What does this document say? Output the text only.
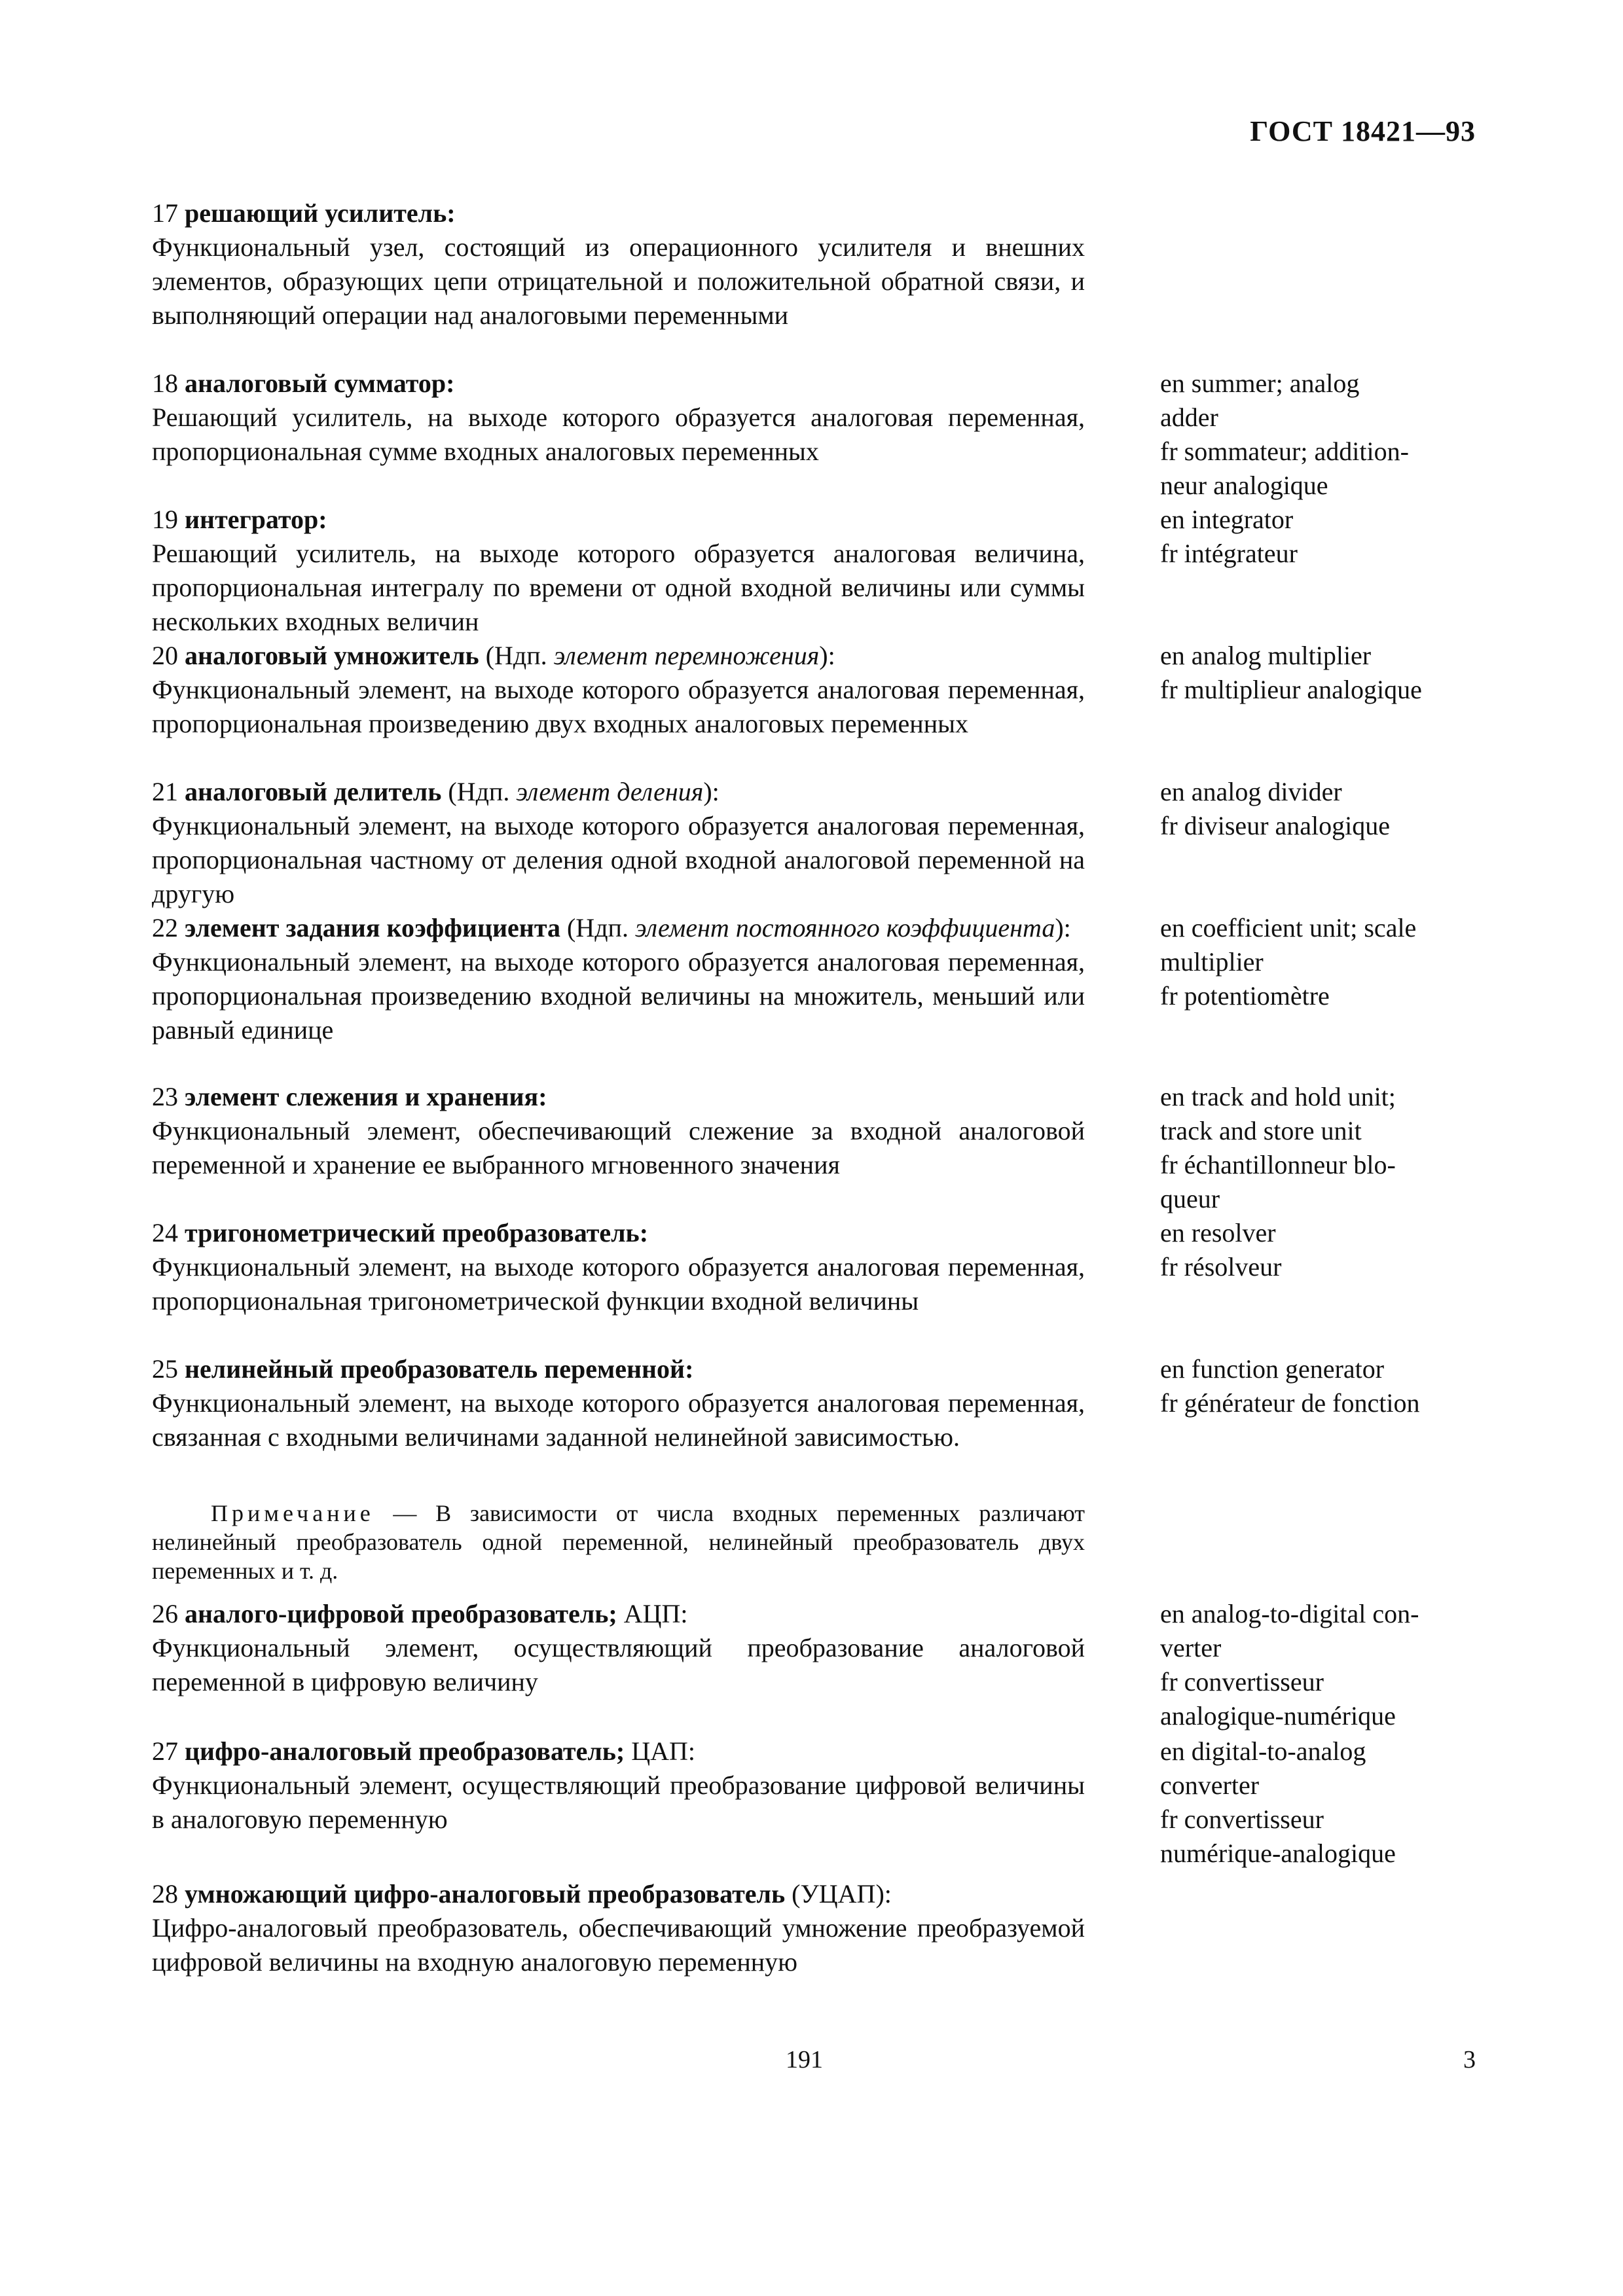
ГОСТ 18421—93
17 решающий усилитель:
Функциональный узел, состоящий из операционного усилителя и внешних элементов, образующих цепи отрицательной и положительной обратной связи, и выполняющий операции над аналоговыми переменными
18 аналоговый сумматор:
Решающий усилитель, на выходе которого образуется аналоговая переменная, пропорциональная сумме входных аналоговых переменных
en summer; analog
adder
fr sommateur; addition-
neur analogique
19 интегратор:
Решающий усилитель, на выходе которого образуется аналоговая величина, пропорциональная интегралу по времени от одной входной величины или суммы нескольких входных величин
en integrator
fr intégrateur
20 аналоговый умножитель (Ндп. элемент перемножения):
Функциональный элемент, на выходе которого образуется аналоговая переменная, пропорциональная произведению двух входных аналоговых переменных
en analog multiplier
fr multiplieur analogique
21 аналоговый делитель (Ндп. элемент деления):
Функциональный элемент, на выходе которого образуется аналоговая переменная, пропорциональная частному от деления одной входной аналоговой переменной на другую
en analog divider
fr diviseur analogique
22 элемент задания коэффициента (Ндп. элемент постоянного коэффициента):
Функциональный элемент, на выходе которого образуется аналоговая переменная, пропорциональная произведению входной величины на множитель, меньший или равный единице
en coefficient unit; scale
multiplier
fr potentiomètre
23 элемент слежения и хранения:
Функциональный элемент, обеспечивающий слежение за входной аналоговой переменной и хранение ее выбранного мгновенного значения
en track and hold unit;
track and store unit
fr échantillonneur blo-
queur
24 тригонометрический преобразователь:
Функциональный элемент, на выходе которого образуется аналоговая переменная, пропорциональная тригонометрической функции входной величины
en resolver
fr résolveur
25 нелинейный преобразователь переменной:
Функциональный элемент, на выходе которого образуется аналоговая переменная, связанная с входными величинами заданной нелинейной зависимостью.
en function generator
fr générateur de fonction
Примечание — В зависимости от числа входных переменных различают нелинейный преобразователь одной переменной, нелинейный преобразователь двух переменных и т. д.
26 аналого-цифровой преобразователь; АЦП:
Функциональный элемент, осуществляющий преобразование аналоговой переменной в цифровую величину
en analog-to-digital con-
verter
fr convertisseur
analogique-numérique
27 цифро-аналоговый преобразователь; ЦАП:
Функциональный элемент, осуществляющий преобразование цифровой величины в аналоговую переменную
en digital-to-analog
converter
fr convertisseur
numérique-analogique
28 умножающий цифро-аналоговый преобразователь (УЦАП):
Цифро-аналоговый преобразователь, обеспечивающий умножение преобразуемой цифровой величины на входную аналоговую переменную
191	3
